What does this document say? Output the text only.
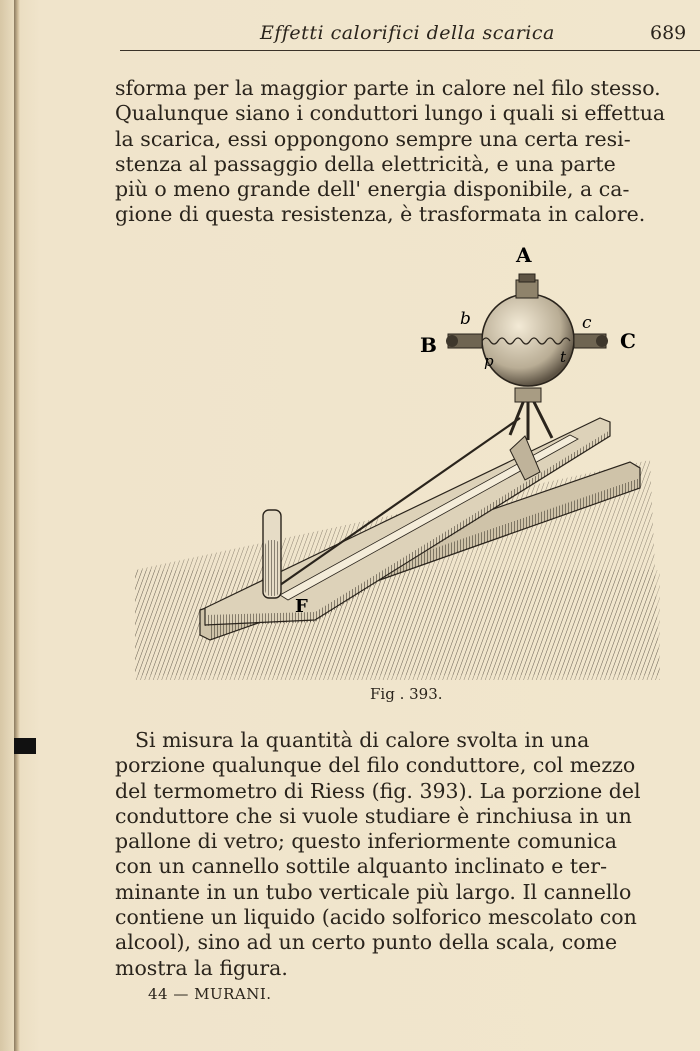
Effetti calorifici della scarica	689
sforma per la maggior parte in calore nel filo stesso.
Qualunque siano i conduttori lungo i quali si effettua
la scarica, essi oppongono sempre una certa resi-
stenza al passaggio della elettricità, e una parte
più o meno grande dell' energia disponibile, a ca-
gione di questa resistenza, è trasformata in calore.
A
B	C
b	c
p	t
F
Fig . 393.
Si misura la quantità di calore svolta in una
porzione qualunque del filo conduttore, col mezzo
del termometro di Riess (fig. 393). La porzione del
conduttore che si vuole studiare è rinchiusa in un
pallone di vetro; questo inferiormente comunica
con un cannello sottile alquanto inclinato e ter-
minante in un tubo verticale più largo. Il cannello
contiene un liquido (acido solforico mescolato con
alcool), sino ad un certo punto della scala, come
mostra la figura.
44 — MURANI.
